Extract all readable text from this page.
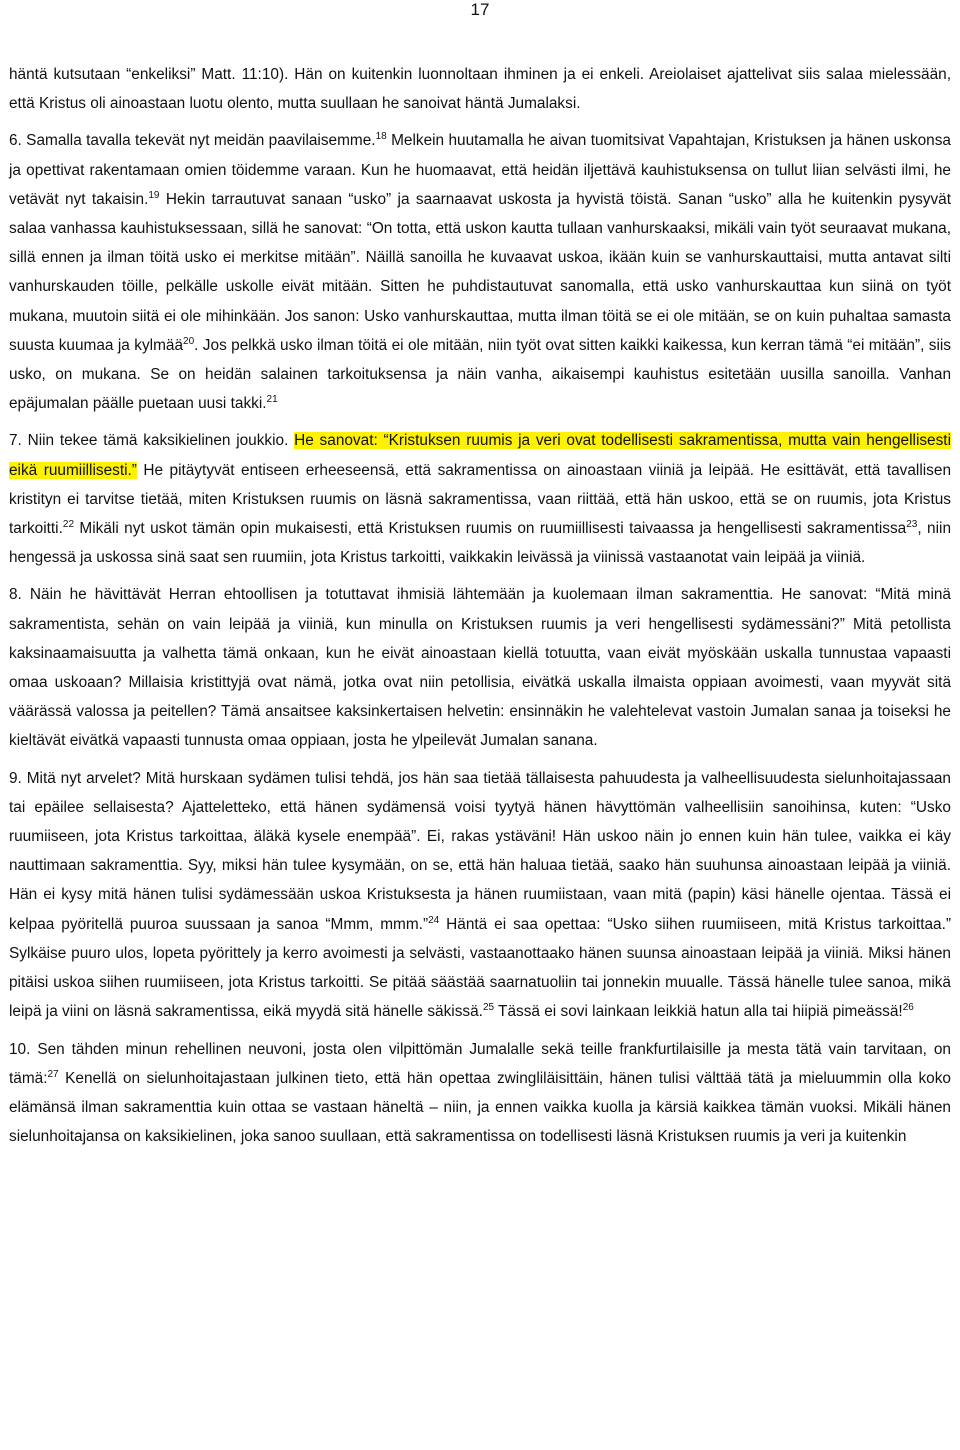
17

häntä kutsutaan “enkeliksi” Matt. 11:10). Hän on kuitenkin luonnoltaan ihminen ja ei enkeli. Areiolaiset ajattelivat siis salaa mielessään, että Kristus oli ainoastaan luotu olento, mutta suullaan he sanoivat häntä Jumalaksi.

6. Samalla tavalla tekevät nyt meidän paavilaisemme.$^{18}$ Melkein huutamalla he aivan tuomitsivat Vapahtajan, Kristuksen ja hänen uskonsa ja opettivat rakentamaan omien töidemme varaan. Kun he huomaavat, että heidän iljettävä kauhistuksensa on tullut liian selvästi ilmi, he vetävät nyt takaisin.$^{19}$ Hekin tarrautuvat sanaan “usko” ja saarnaavat uskosta ja hyvistä töistä. Sanan “usko” alla he kuitenkin pysyvät salaa vanhassa kauhistuksessaan, sillä he sanovat: “On totta, että uskon kautta tullaan vanhurskaaksi, mikäli vain työt seuraavat mukana, sillä ennen ja ilman töitä usko ei merkitse mitään”. Näillä sanoilla he kuvaavat uskoa, ikään kuin se vanhurskauttaisi, mutta antavat silti vanhurskauden töille, pelkälle uskolle eivät mitään. Sitten he puhdistautuvat sanomalla, että usko vanhurskauttaa kun siinä on työt mukana, muutoin siitä ei ole mihinkään. Jos sanon: Usko vanhurskauttaa, mutta ilman töitä se ei ole mitään, se on kuin puhaltaa samasta suusta kuumaa ja kylmää$^{20}$. Jos pelkkä usko ilman töitä ei ole mitään, niin työt ovat sitten kaikki kaikessa, kun kerran tämä “ei mitään”, siis usko, on mukana. Se on heidän salainen tarkoituksensa ja näin vanha, aikaisempi kauhistus esitetään uusilla sanoilla. Vanhan epäjumalan päälle puetaan uusi takki.$^{21}$

7. Niin tekee tämä kaksikielinen joukkio. He sanovat: “Kristuksen ruumis ja veri ovat todellisesti sakramentissa, mutta vain hengellisesti eikä ruumiillisesti.” He pitäytyvät entiseen erheeseensä, että sakramentissa on ainoastaan viiniä ja leipää. He esittävät, että tavallisen kristityn ei tarvitse tietää, miten Kristuksen ruumis on läsnä sakramentissa, vaan riittää, että hän uskoo, että se on ruumis, jota Kristus tarkoitti.$^{22}$ Mikäli nyt uskot tämän opin mukaisesti, että Kristuksen ruumis on ruumiillisesti taivaassa ja hengellisesti sakramentissa$^{23}$, niin hengessä ja uskossa sinä saat sen ruumiin, jota Kristus tarkoitti, vaikkakin leivässä ja viinissä vastaanotat vain leipää ja viiniä.

8. Näin he hävittävät Herran ehtoollisen ja totuttavat ihmisiä lähtemään ja kuolemaan ilman sakramenttia. He sanovat: “Mitä minä sakramentista, sehän on vain leipää ja viiniä, kun minulla on Kristuksen ruumis ja veri hengellisesti sydämessäni?” Mitä petollista kaksinaamaisuutta ja valhetta tämä onkaan, kun he eivät ainoastaan kiellä totuutta, vaan eivät myöskään uskalla tunnustaa vapaasti omaa uskoaan? Millaisia kristittyjä ovat nämä, jotka ovat niin petollisia, eivätkä uskalla ilmaista oppiaan avoimesti, vaan myyvät sitä väärässä valossa ja peitellen? Tämä ansaitsee kaksinkertaisen helvetin: ensinnäkin he valehtelevat vastoin Jumalan sanaa ja toiseksi he kieltävät eivätkä vapaasti tunnusta omaa oppiaan, josta he ylpeilevät Jumalan sanana.

9. Mitä nyt arvelet? Mitä hurskaan sydämen tulisi tehdä, jos hän saa tietää tällaisesta pahuudesta ja valheellisuudesta sielunhoitajassaan tai epäilee sellaisesta? Ajatteletteko, että hänen sydämensä voisi tyytyä hänen hävyttömän valheellisiin sanoihinsa, kuten: “Usko ruumiiseen, jota Kristus tarkoittaa, äläkä kysele enempää”. Ei, rakas ystäväni! Hän uskoo näin jo ennen kuin hän tulee, vaikka ei käy nauttimaan sakramenttia. Syy, miksi hän tulee kysymään, on se, että hän haluaa tietää, saako hän suuhunsa ainoastaan leipää ja viiniä. Hän ei kysy mitä hänen tulisi sydämessään uskoa Kristuksesta ja hänen ruumiistaan, vaan mitä (papin) käsi hänelle ojentaa. Tässä ei kelpaa pyöritellä puuroa suussaan ja sanoa “Mmm, mmm.”$^{24}$ Häntä ei saa opettaa: “Usko siihen ruumiiseen, mitä Kristus tarkoittaa.” Sylkäise puuro ulos, lopeta pyörittely ja kerro avoimesti ja selvästi, vastaanottaako hänen suunsa ainoastaan leipää ja viiniä. Miksi hänen pitäisi uskoa siihen ruumiiseen, jota Kristus tarkoitti. Se pitää säästää saarnatuoliin tai jonnekin muualle. Tässä hänelle tulee sanoa, mikä leipä ja viini on läsnä sakramentissa, eikä myydä sitä hänelle säkissä.$^{25}$ Tässä ei sovi lainkaan leikkiä hatun alla tai hiipiä pimeässä!$^{26}$

10. Sen tähden minun rehellinen neuvoni, josta olen vilpittömän Jumalalle sekä teille frankfurtilaisille ja mesta tätä vain tarvitaan, on tämä:$^{27}$ Kenellä on sielunhoitajastaan julkinen tieto, että hän opettaa zwingliläisittäin, hänen tulisi välttää tätä ja mieluummin olla koko elämänsä ilman sakramenttia kuin ottaa se vastaan häneltä – niin, ja ennen vaikka kuolla ja kärsiä kaikkea tämän vuoksi. Mikäli hänen sielunhoitajansa on kaksikielinen, joka sanoo suullaan, että sakramentissa on todellisesti läsnä Kristuksen ruumis ja veri ja kuitenkin
